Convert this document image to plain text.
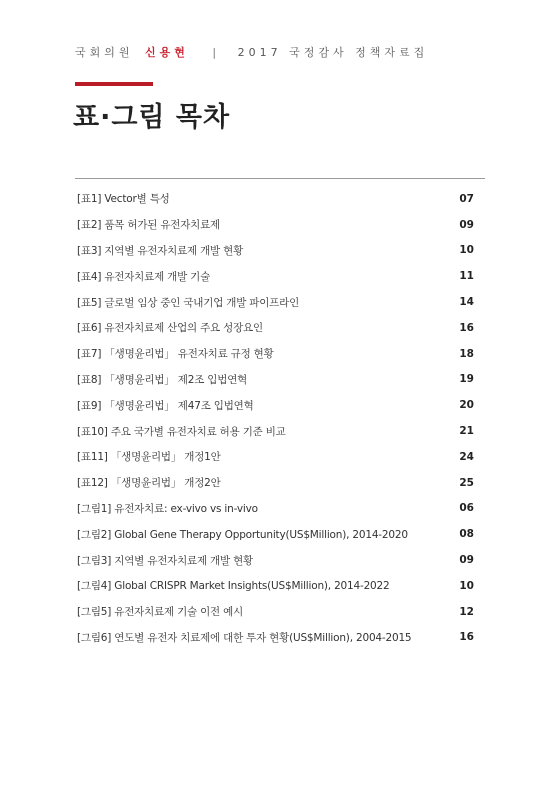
국회의원 신용현 | 2017 국정감사 정책자료집
표·그림 목차
[표1] Vector별 특성	07
[표2] 품목 허가된 유전자치료제	09
[표3] 지역별 유전자치료제 개발 현황	10
[표4] 유전자치료제 개발 기술	11
[표5] 글로벌 임상 중인 국내기업 개발 파이프라인	14
[표6] 유전자치료제 산업의 주요 성장요인	16
[표7] 「생명윤리법」 유전자치료 규정 현황	18
[표8] 「생명윤리법」 제2조 입법연혁	19
[표9] 「생명윤리법」 제47조 입법연혁	20
[표10] 주요 국가별 유전자치료 허용 기준 비교	21
[표11] 「생명윤리법」 개정1안	24
[표12] 「생명윤리법」 개정2안	25
[그림1] 유전자치료: ex-vivo vs in-vivo	06
[그림2] Global Gene Therapy Opportunity(US$Million), 2014-2020	08
[그림3] 지역별 유전자치료제 개발 현황	09
[그림4] Global CRISPR Market Insights(US$Million), 2014-2022	10
[그림5] 유전자치료제 기술 이전 예시	12
[그림6] 연도별 유전자 치료제에 대한 투자 현황(US$Million), 2004-2015	16
